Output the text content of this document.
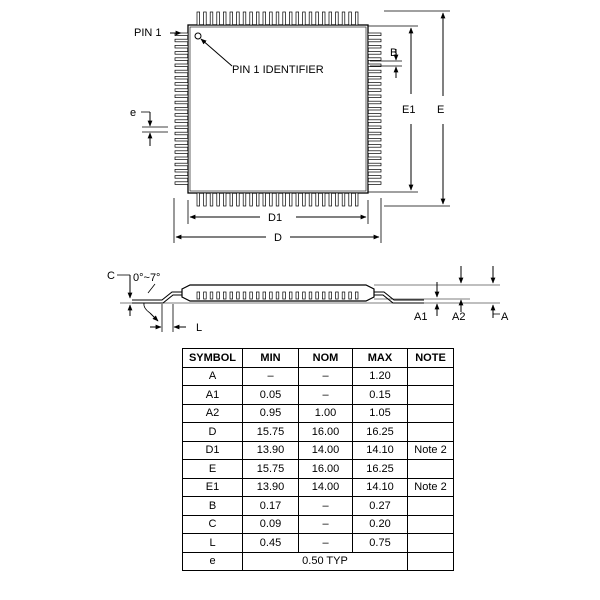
PIN 1
PIN 1 IDENTIFIER
B
e	E1 E
D1
D
C 0°~7°
L
A1 A2	A
SYMBOL	MIN	NOM	MAX	NOTE
A	–	–	1.20	
A1	0.05	–	0.15	
A2	0.95	1.00	1.05	
D	15.75	16.00	16.25	
D1	13.90	14.00	14.10	Note 2
E	15.75	16.00	16.25	
E1	13.90	14.00	14.10	Note 2
B	0.17	–	0.27	
C	0.09	–	0.20	
L	0.45	–	0.75	
e	0.50 TYP			
